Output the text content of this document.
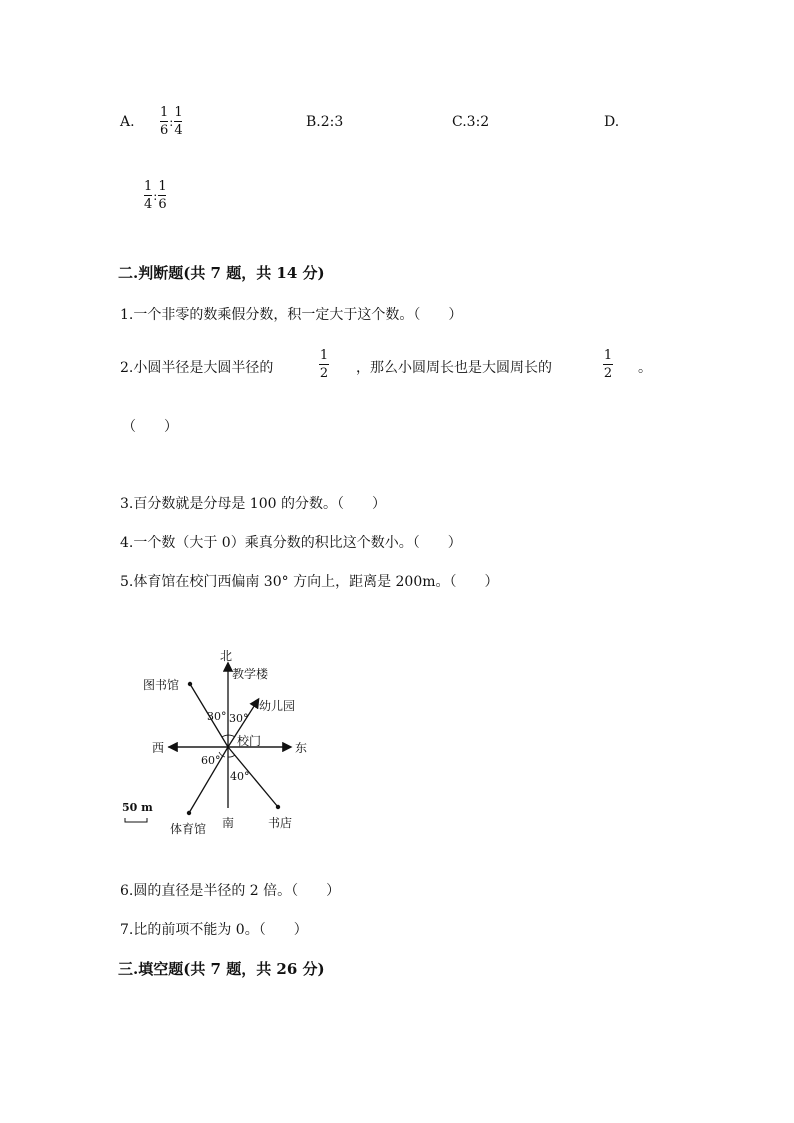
A.
1
6
:
1
4
B.2:3	C.3:2	D.
1
4
:
1
6
二.判断题(共 7 题，共 14 分)
1.一个非零的数乘假分数，积一定大于这个数。（　　）
2.小圆半径是大圆半径的
1
2 ，那么小圆周长也是大圆周长的
1
2 。
（　　）
3.百分数就是分母是 100 的分数。（　　）
4.一个数（大于 0）乘真分数的积比这个数小。（　　）
5.体育馆在校门西偏南 30° 方向上，距离是 200m。（　　）
北
教学楼
图书馆
幼儿园
30° 30°
西	校门	东
60°
40°
50 m
南	书店
体育馆
6.圆的直径是半径的 2 倍。（　　）
7.比的前项不能为 0。（　　）
三.填空题(共 7 题，共 26 分)
